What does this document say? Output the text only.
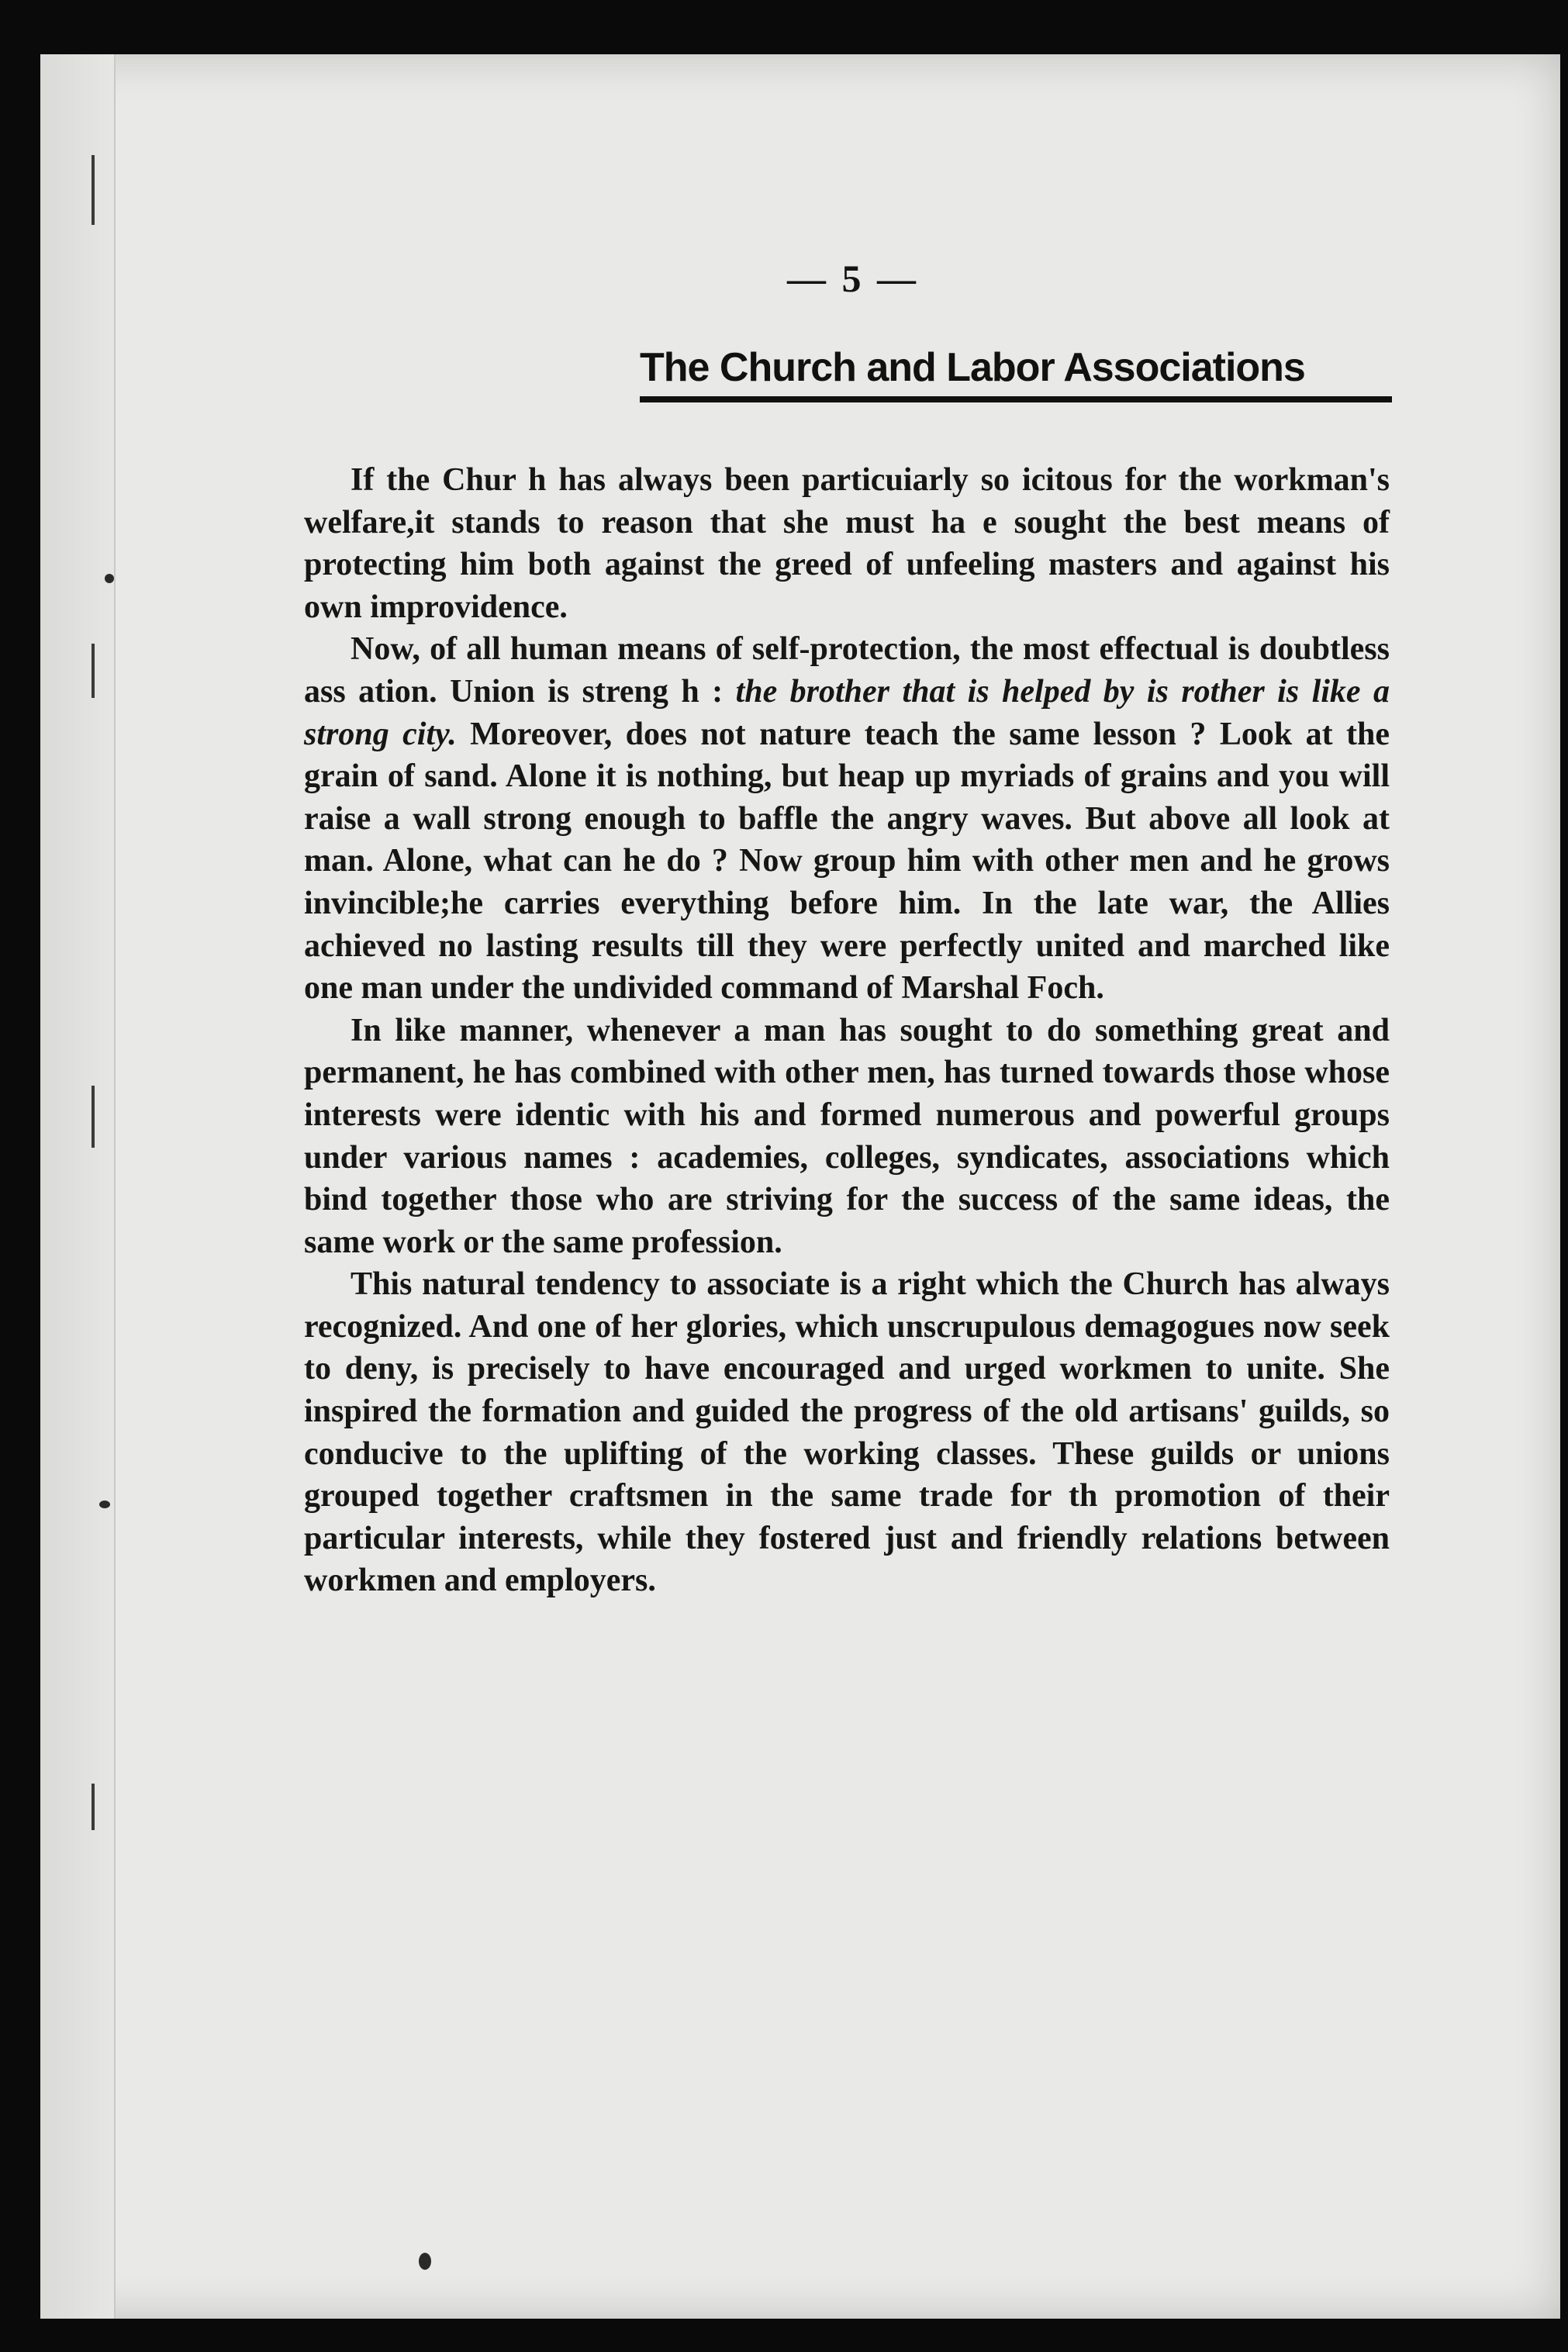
— 5 —
The Church and Labor Associations

If the Chur h has always been particuiarly so icitous for the workman's welfare,it stands to reason that she must ha e sought the best means of protecting him both against the greed of unfeeling masters and against his own improvidence.

Now, of all human means of self-protection, the most effectual is doubtless ass ation. Union is streng h : the brother that is helped by is rother is like a strong city. Moreover, does not nature teach the same lesson ? Look at the grain of sand. Alone it is nothing, but heap up myriads of grains and you will raise a wall strong enough to baffle the angry waves. But above all look at man. Alone, what can he do ? Now group him with other men and he grows invincible;he carries everything before him. In the late war, the Allies achieved no lasting results till they were perfectly united and marched like one man under the undivided command of Marshal Foch.

In like manner, whenever a man has sought to do something great and permanent, he has combined with other men, has turned towards those whose interests were identic with his and formed numerous and powerful groups under various names : academies, colleges, syndicates, associations which bind together those who are striving for the success of the same ideas, the same work or the same profession.

This natural tendency to associate is a right which the Church has always recognized. And one of her glories, which unscrupulous demagogues now seek to deny, is precisely to have encouraged and urged workmen to unite. She inspired the formation and guided the progress of the old artisans' guilds, so conducive to the uplifting of the working classes. These guilds or unions grouped together craftsmen in the same trade for th promotion of their particular interests, while they fostered just and friendly relations between workmen and employers.
